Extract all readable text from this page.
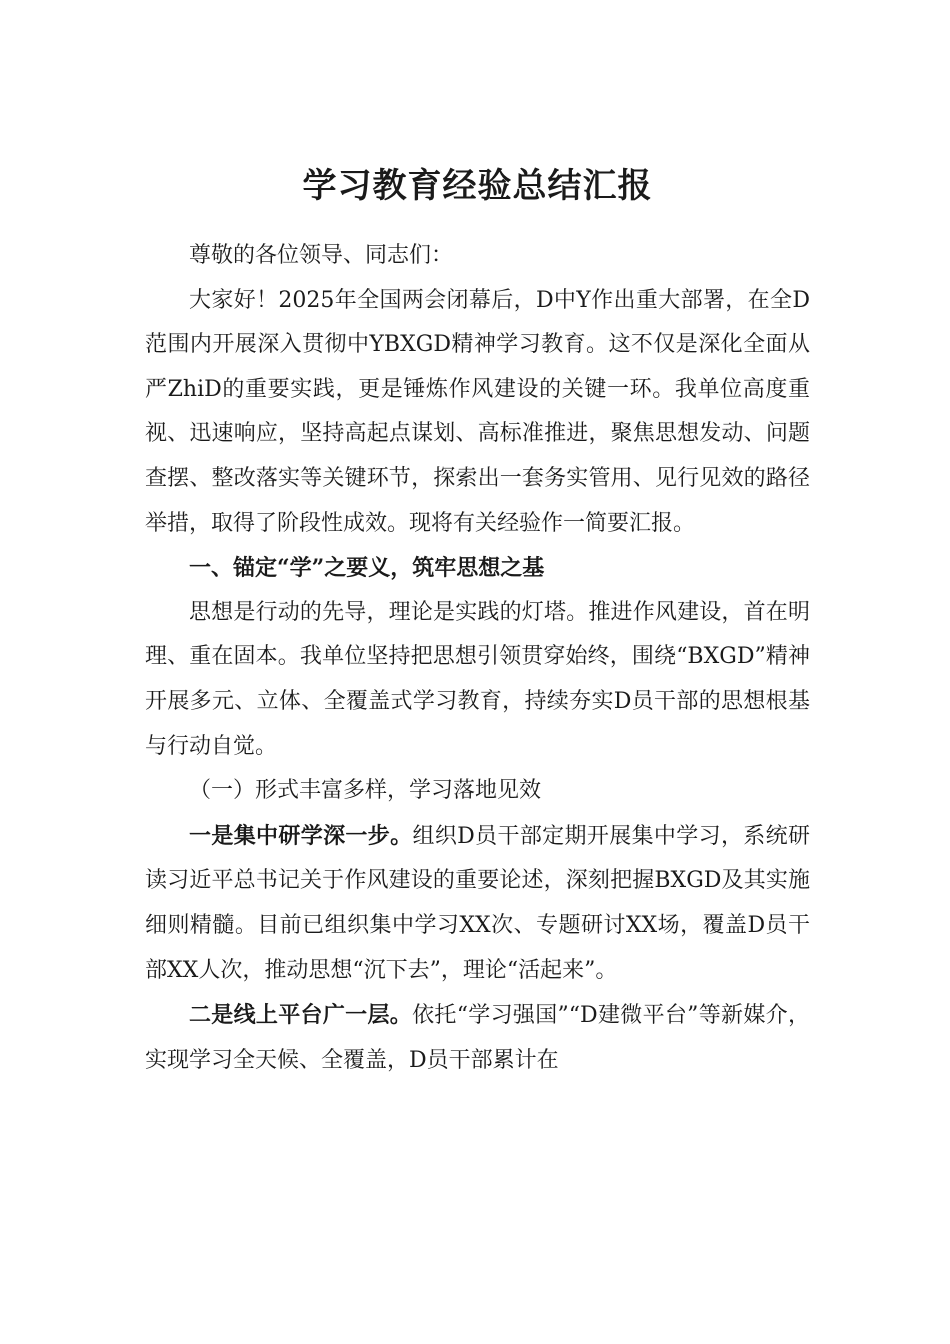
学习教育经验总结汇报

尊敬的各位领导、同志们：

大家好！2025年全国两会闭幕后，D中Y作出重大部署，在全D范围内开展深入贯彻中YBXGD精神学习教育。这不仅是深化全面从严ZhiD的重要实践，更是锤炼作风建设的关键一环。我单位高度重视、迅速响应，坚持高起点谋划、高标准推进，聚焦思想发动、问题查摆、整改落实等关键环节，探索出一套务实管用、见行见效的路径举措，取得了阶段性成效。现将有关经验作一简要汇报。

一、锚定“学”之要义，筑牢思想之基

思想是行动的先导，理论是实践的灯塔。推进作风建设，首在明理、重在固本。我单位坚持把思想引领贯穿始终，围绕“BXGD”精神开展多元、立体、全覆盖式学习教育，持续夯实D员干部的思想根基与行动自觉。

（一）形式丰富多样，学习落地见效

一是集中研学深一步。组织D员干部定期开展集中学习，系统研读习近平总书记关于作风建设的重要论述，深刻把握BXGD及其实施细则精髓。目前已组织集中学习XX次、专题研讨XX场，覆盖D员干部XX人次，推动思想“沉下去”，理论“活起来”。

二是线上平台广一层。依托“学习强国”“D建微平台”等新媒介，实现学习全天候、全覆盖，D员干部累计在
